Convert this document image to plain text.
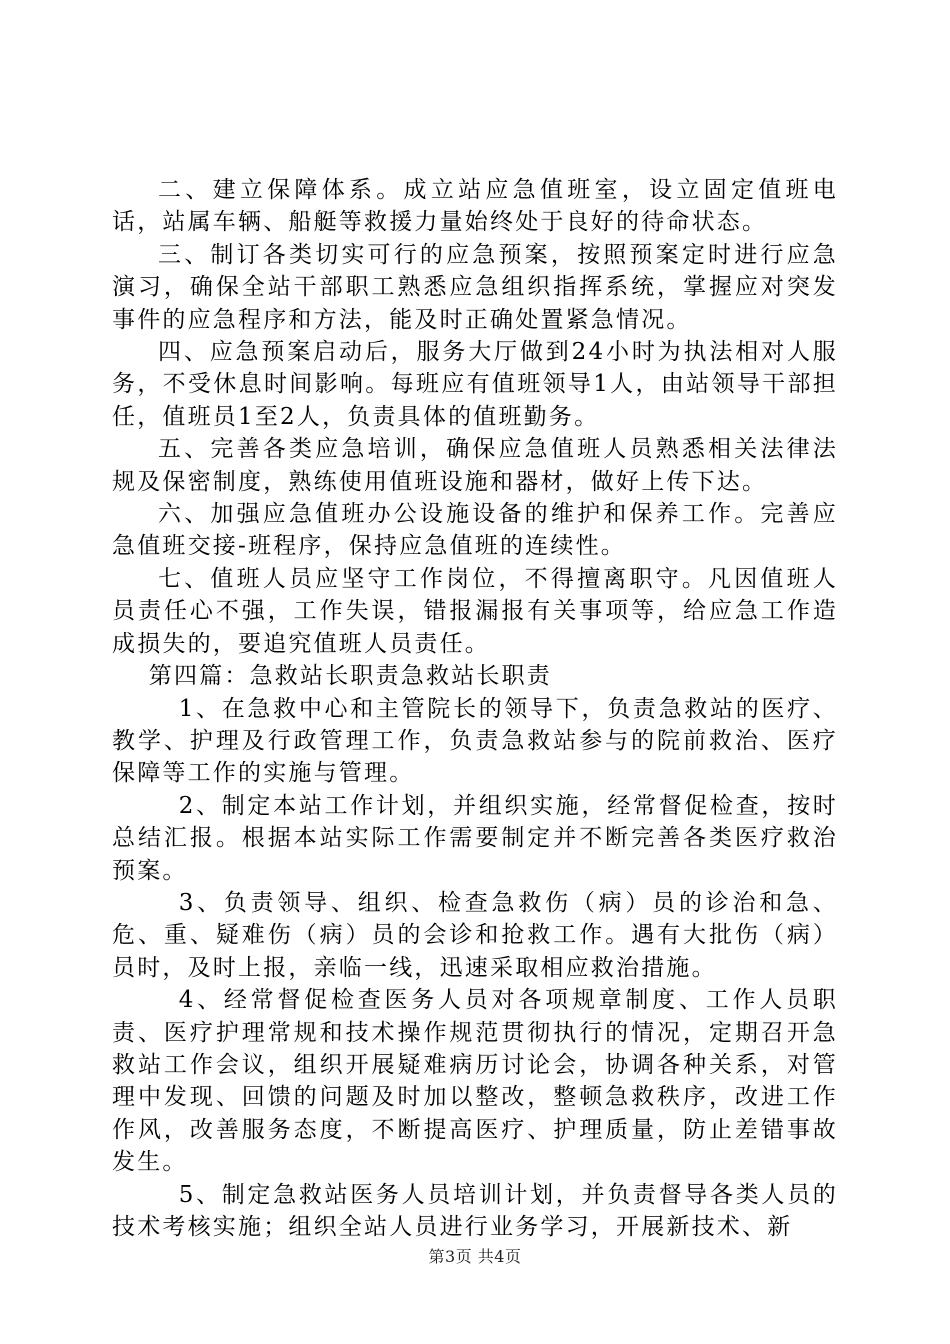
二、建立保障体系。成立站应急值班室，设立固定值班电话，站属车辆、船艇等救援力量始终处于良好的待命状态。

三、制订各类切实可行的应急预案，按照预案定时进行应急演习，确保全站干部职工熟悉应急组织指挥系统，掌握应对突发事件的应急程序和方法，能及时正确处置紧急情况。

四、应急预案启动后，服务大厅做到24小时为执法相对人服务，不受休息时间影响。每班应有值班领导1人，由站领导干部担任，值班员1至2人，负责具体的值班勤务。

五、完善各类应急培训，确保应急值班人员熟悉相关法律法规及保密制度，熟练使用值班设施和器材，做好上传下达。

六、加强应急值班办公设施设备的维护和保养工作。完善应急值班交接-班程序，保持应急值班的连续性。

七、值班人员应坚守工作岗位，不得擅离职守。凡因值班人员责任心不强，工作失误，错报漏报有关事项等，给应急工作造成损失的，要追究值班人员责任。

第四篇：急救站长职责急救站长职责

1、在急救中心和主管院长的领导下，负责急救站的医疗、教学、护理及行政管理工作，负责急救站参与的院前救治、医疗保障等工作的实施与管理。

2、制定本站工作计划，并组织实施，经常督促检查，按时总结汇报。根据本站实际工作需要制定并不断完善各类医疗救治预案。

3、负责领导、组织、检查急救伤（病）员的诊治和急、危、重、疑难伤（病）员的会诊和抢救工作。遇有大批伤（病）员时，及时上报，亲临一线，迅速采取相应救治措施。

4、经常督促检查医务人员对各项规章制度、工作人员职责、医疗护理常规和技术操作规范贯彻执行的情况，定期召开急救站工作会议，组织开展疑难病历讨论会，协调各种关系，对管理中发现、回馈的问题及时加以整改，整顿急救秩序，改进工作作风，改善服务态度，不断提高医疗、护理质量，防止差错事故发生。

5、制定急救站医务人员培训计划，并负责督导各类人员的技术考核实施；组织全站人员进行业务学习，开展新技术、新

第3页 共4页
